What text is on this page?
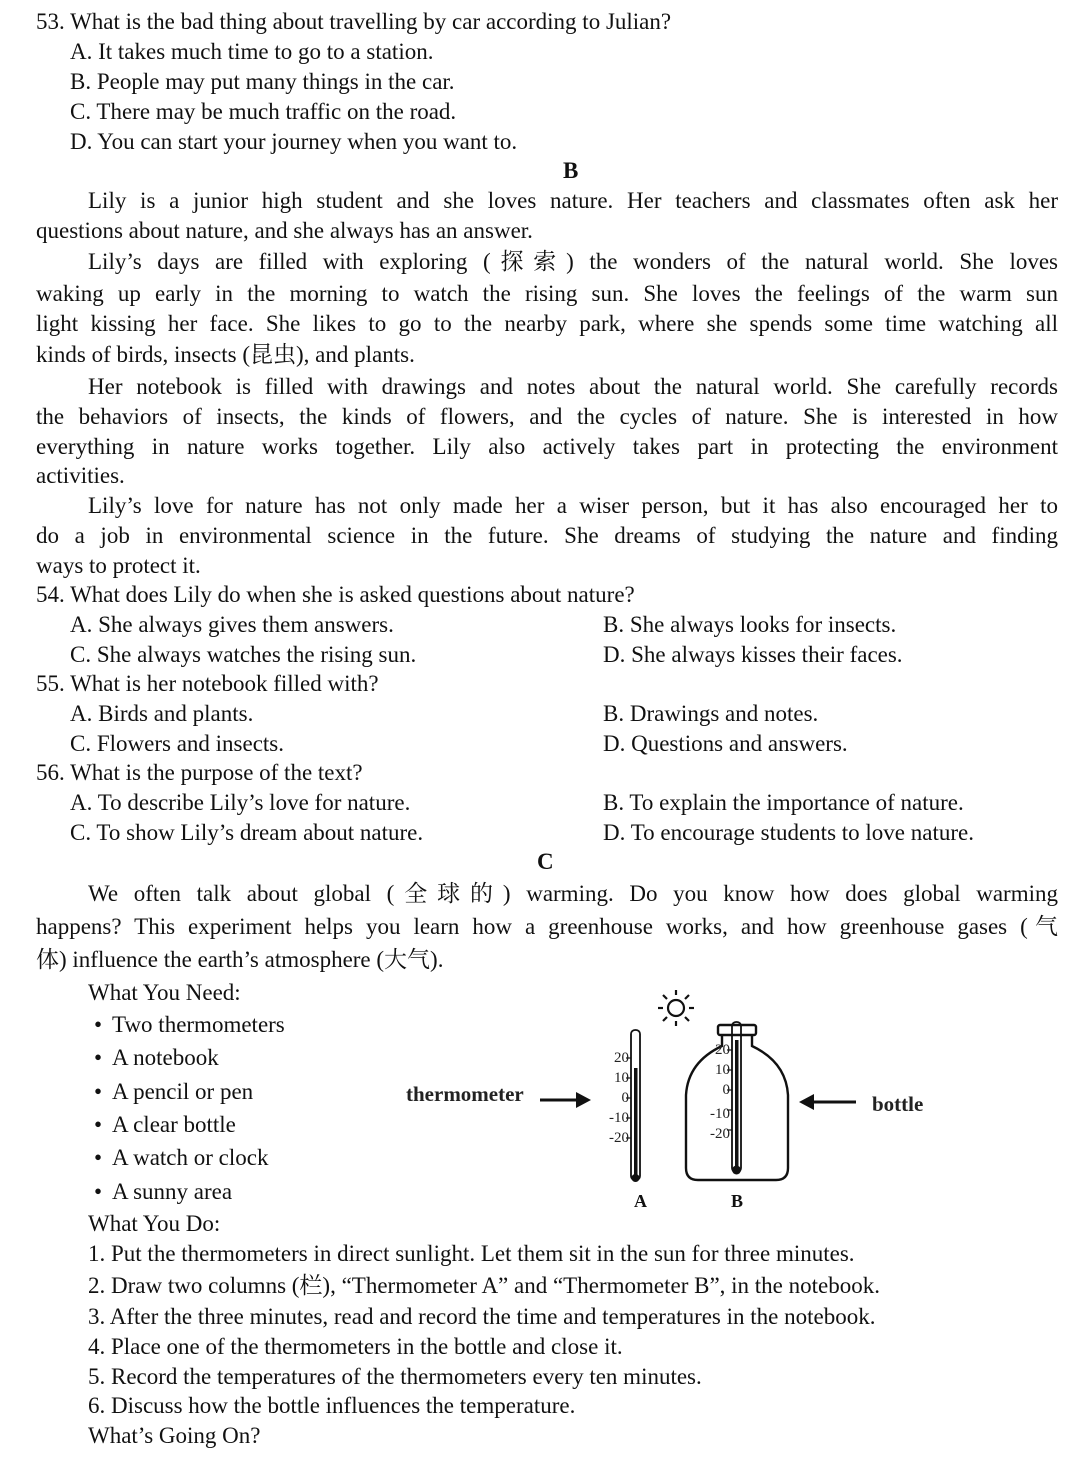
53. What is the bad thing about travelling by car according to Julian?
A. It takes much time to go to a station.
B. People may put many things in the car.
C. There may be much traffic on the road.
D. You can start your journey when you want to.
B
Lily is a junior high student and she loves nature. Her teachers and classmates often ask her
questions about nature, and she always has an answer.
Lily’s days are filled with exploring (探索) the wonders of the natural world. She loves
waking up early in the morning to watch the rising sun. She loves the feelings of the warm sun
light kissing her face. She likes to go to the nearby park, where she spends some time watching all
kinds of birds, insects (昆虫), and plants.
Her notebook is filled with drawings and notes about the natural world. She carefully records
the behaviors of insects, the kinds of flowers, and the cycles of nature. She is interested in how
everything in nature works together. Lily also actively takes part in protecting the environment
activities.
Lily’s love for nature has not only made her a wiser person, but it has also encouraged her to
do a job in environmental science in the future. She dreams of studying the nature and finding
ways to protect it.
54. What does Lily do when she is asked questions about nature?
A. She always gives them answers.	B. She always looks for insects.
C. She always watches the rising sun.	D. She always kisses their faces.
55. What is her notebook filled with?
A. Birds and plants.	B. Drawings and notes.
C. Flowers and insects.	D. Questions and answers.
56. What is the purpose of the text?
A. To describe Lily’s love for nature.	B. To explain the importance of nature.
C. To show Lily’s dream about nature.	D. To encourage students to love nature.
C
We often talk about global (全球的) warming. Do you know how does global warming
happens? This experiment helps you learn how a greenhouse works, and how greenhouse gases (气
体) influence the earth’s atmosphere (大气).
What You Need:
• Two thermometers
• A notebook
• A pencil or pen
• A clear bottle
• A watch or clock
• A sunny area
thermometer
20
10
0
-10
-20
A
20
10
0
-10
-20
B
bottle
What You Do:
1. Put the thermometers in direct sunlight. Let them sit in the sun for three minutes.
2. Draw two columns (栏), “Thermometer A” and “Thermometer B”, in the notebook.
3. After the three minutes, read and record the time and temperatures in the notebook.
4. Place one of the thermometers in the bottle and close it.
5. Record the temperatures of the thermometers every ten minutes.
6. Discuss how the bottle influences the temperature.
What’s Going On?
